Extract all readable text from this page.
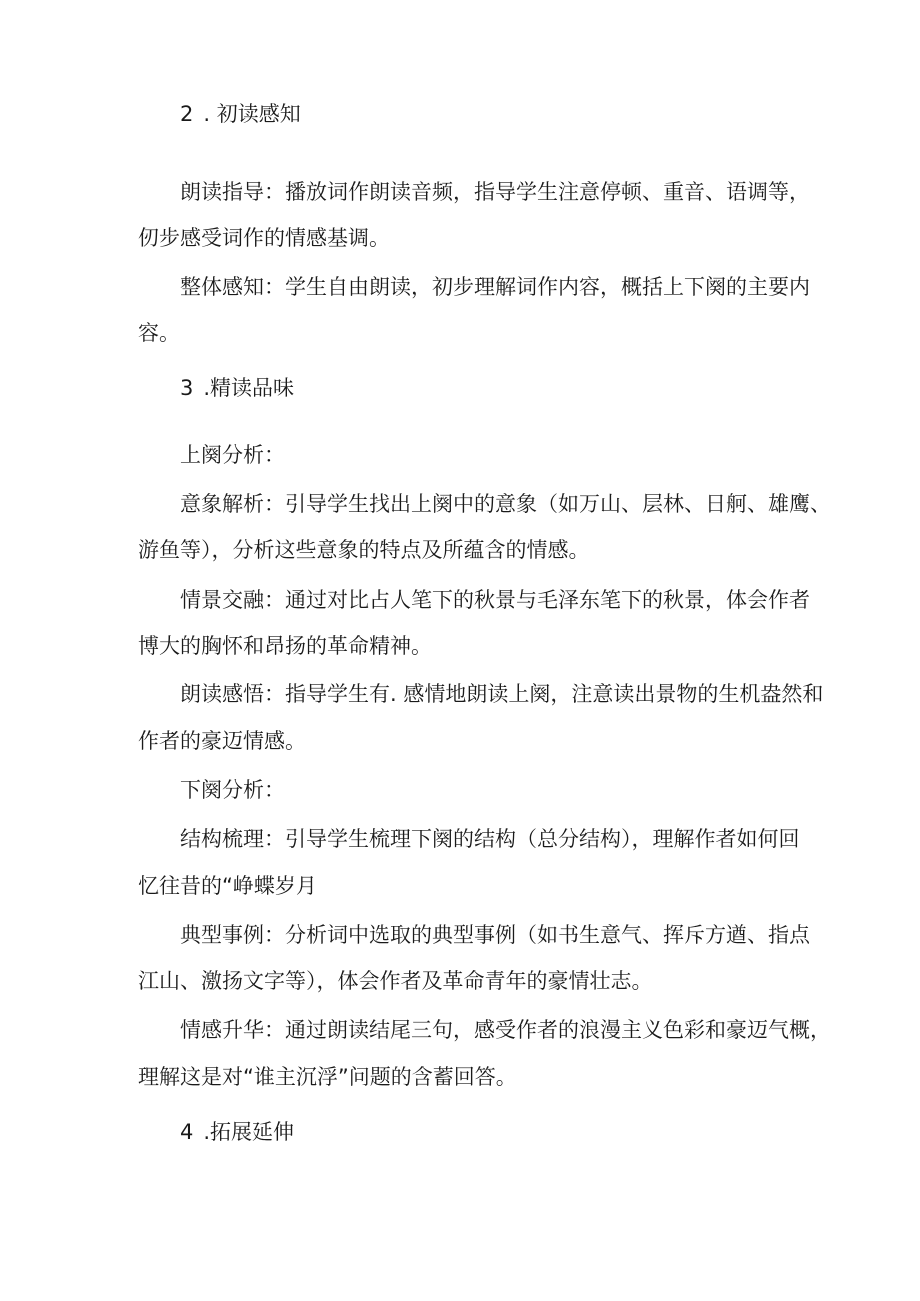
2 . 初读感知
朗读指导：播放词作朗读音频，指导学生注意停顿、重音、语调等，
仞步感受词作的情感基调。
整体感知：学生自由朗读，初步理解词作内容，概括上下阕的主要内
容。
3 .精读品味
上阕分析：
意象解析：引导学生找出上阕中的意象（如万山、层林、日舸、雄鹰、
游鱼等），分析这些意象的特点及所蕴含的情感。
情景交融：通过对比占人笔下的秋景与毛泽东笔下的秋景，体会作者
博大的胸怀和昂扬的革命精神。
朗读感悟：指导学生有. 感情地朗读上阕，注意读出景物的生机盎然和
作者的豪迈情感。
下阕分析：
结构梳理：引导学生梳理下阕的结构（总分结构），理解作者如何回
忆往昔的“峥蝶岁月
典型事例：分析词中选取的典型事例（如书生意气、挥斥方遒、指点
江山、激扬文字等），体会作者及革命青年的豪情壮志。
情感升华：通过朗读结尾三句，感受作者的浪漫主义色彩和豪迈气概，
理解这是对“谁主沉浮”问题的含蓄回答。
4 .拓展延伸
